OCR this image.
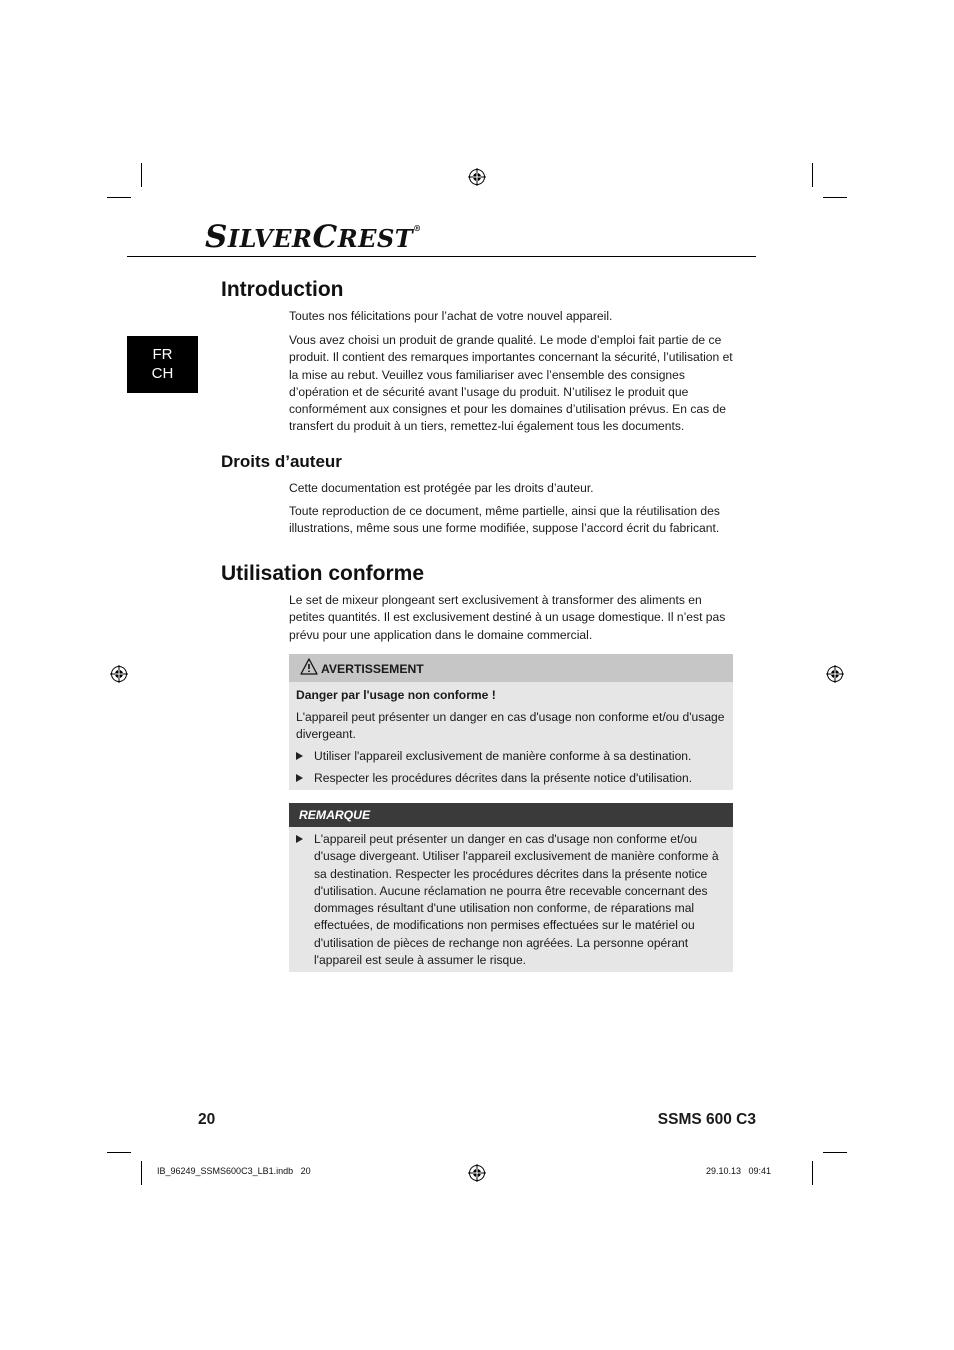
SILVERCREST®
FR
CH
Introduction

Toutes nos félicitations pour l’achat de votre nouvel appareil.

Vous avez choisi un produit de grande qualité. Le mode d’emploi fait partie de ce produit. Il contient des remarques importantes concernant la sécurité, l’utilisation et la mise au rebut. Veuillez vous familiariser avec l’ensemble des consignes d’opération et de sécurité avant l’usage du produit. N’utilisez le produit que conformément aux consignes et pour les domaines d’utilisation prévus. En cas de transfert du produit à un tiers, remettez-lui également tous les documents.

Droits d’auteur

Cette documentation est protégée par les droits d’auteur.

Toute reproduction de ce document, même partielle, ainsi que la réutilisation des illustrations, même sous une forme modifiée, suppose l’accord écrit du fabricant.

Utilisation conforme

Le set de mixeur plongeant sert exclusivement à transformer des aliments en petites quantités. Il est exclusivement destiné à un usage domestique. Il n’est pas prévu pour une application dans le domaine commercial.

AVERTISSEMENT

Danger par l'usage non conforme !

L'appareil peut présenter un danger en cas d'usage non conforme et/ou d'usage divergeant.

Utiliser l'appareil exclusivement de manière conforme à sa destination.
Respecter les procédures décrites dans la présente notice d'utilisation.
REMARQUE
L'appareil peut présenter un danger en cas d'usage non conforme et/ou d'usage divergeant. Utiliser l'appareil exclusivement de manière conforme à sa destination. Respecter les procédures décrites dans la présente notice d'utilisation. Aucune réclamation ne pourra être recevable concernant des dommages résultant d'une utilisation non conforme, de réparations mal effectuées, de modifications non permises effectuées sur le matériel ou d'utilisation de pièces de rechange non agréées. La personne opérant l'appareil est seule à assumer le risque.
20	SSMS 600 C3
IB_96249_SSMS600C3_LB1.indb   20	29.10.13   09:41
